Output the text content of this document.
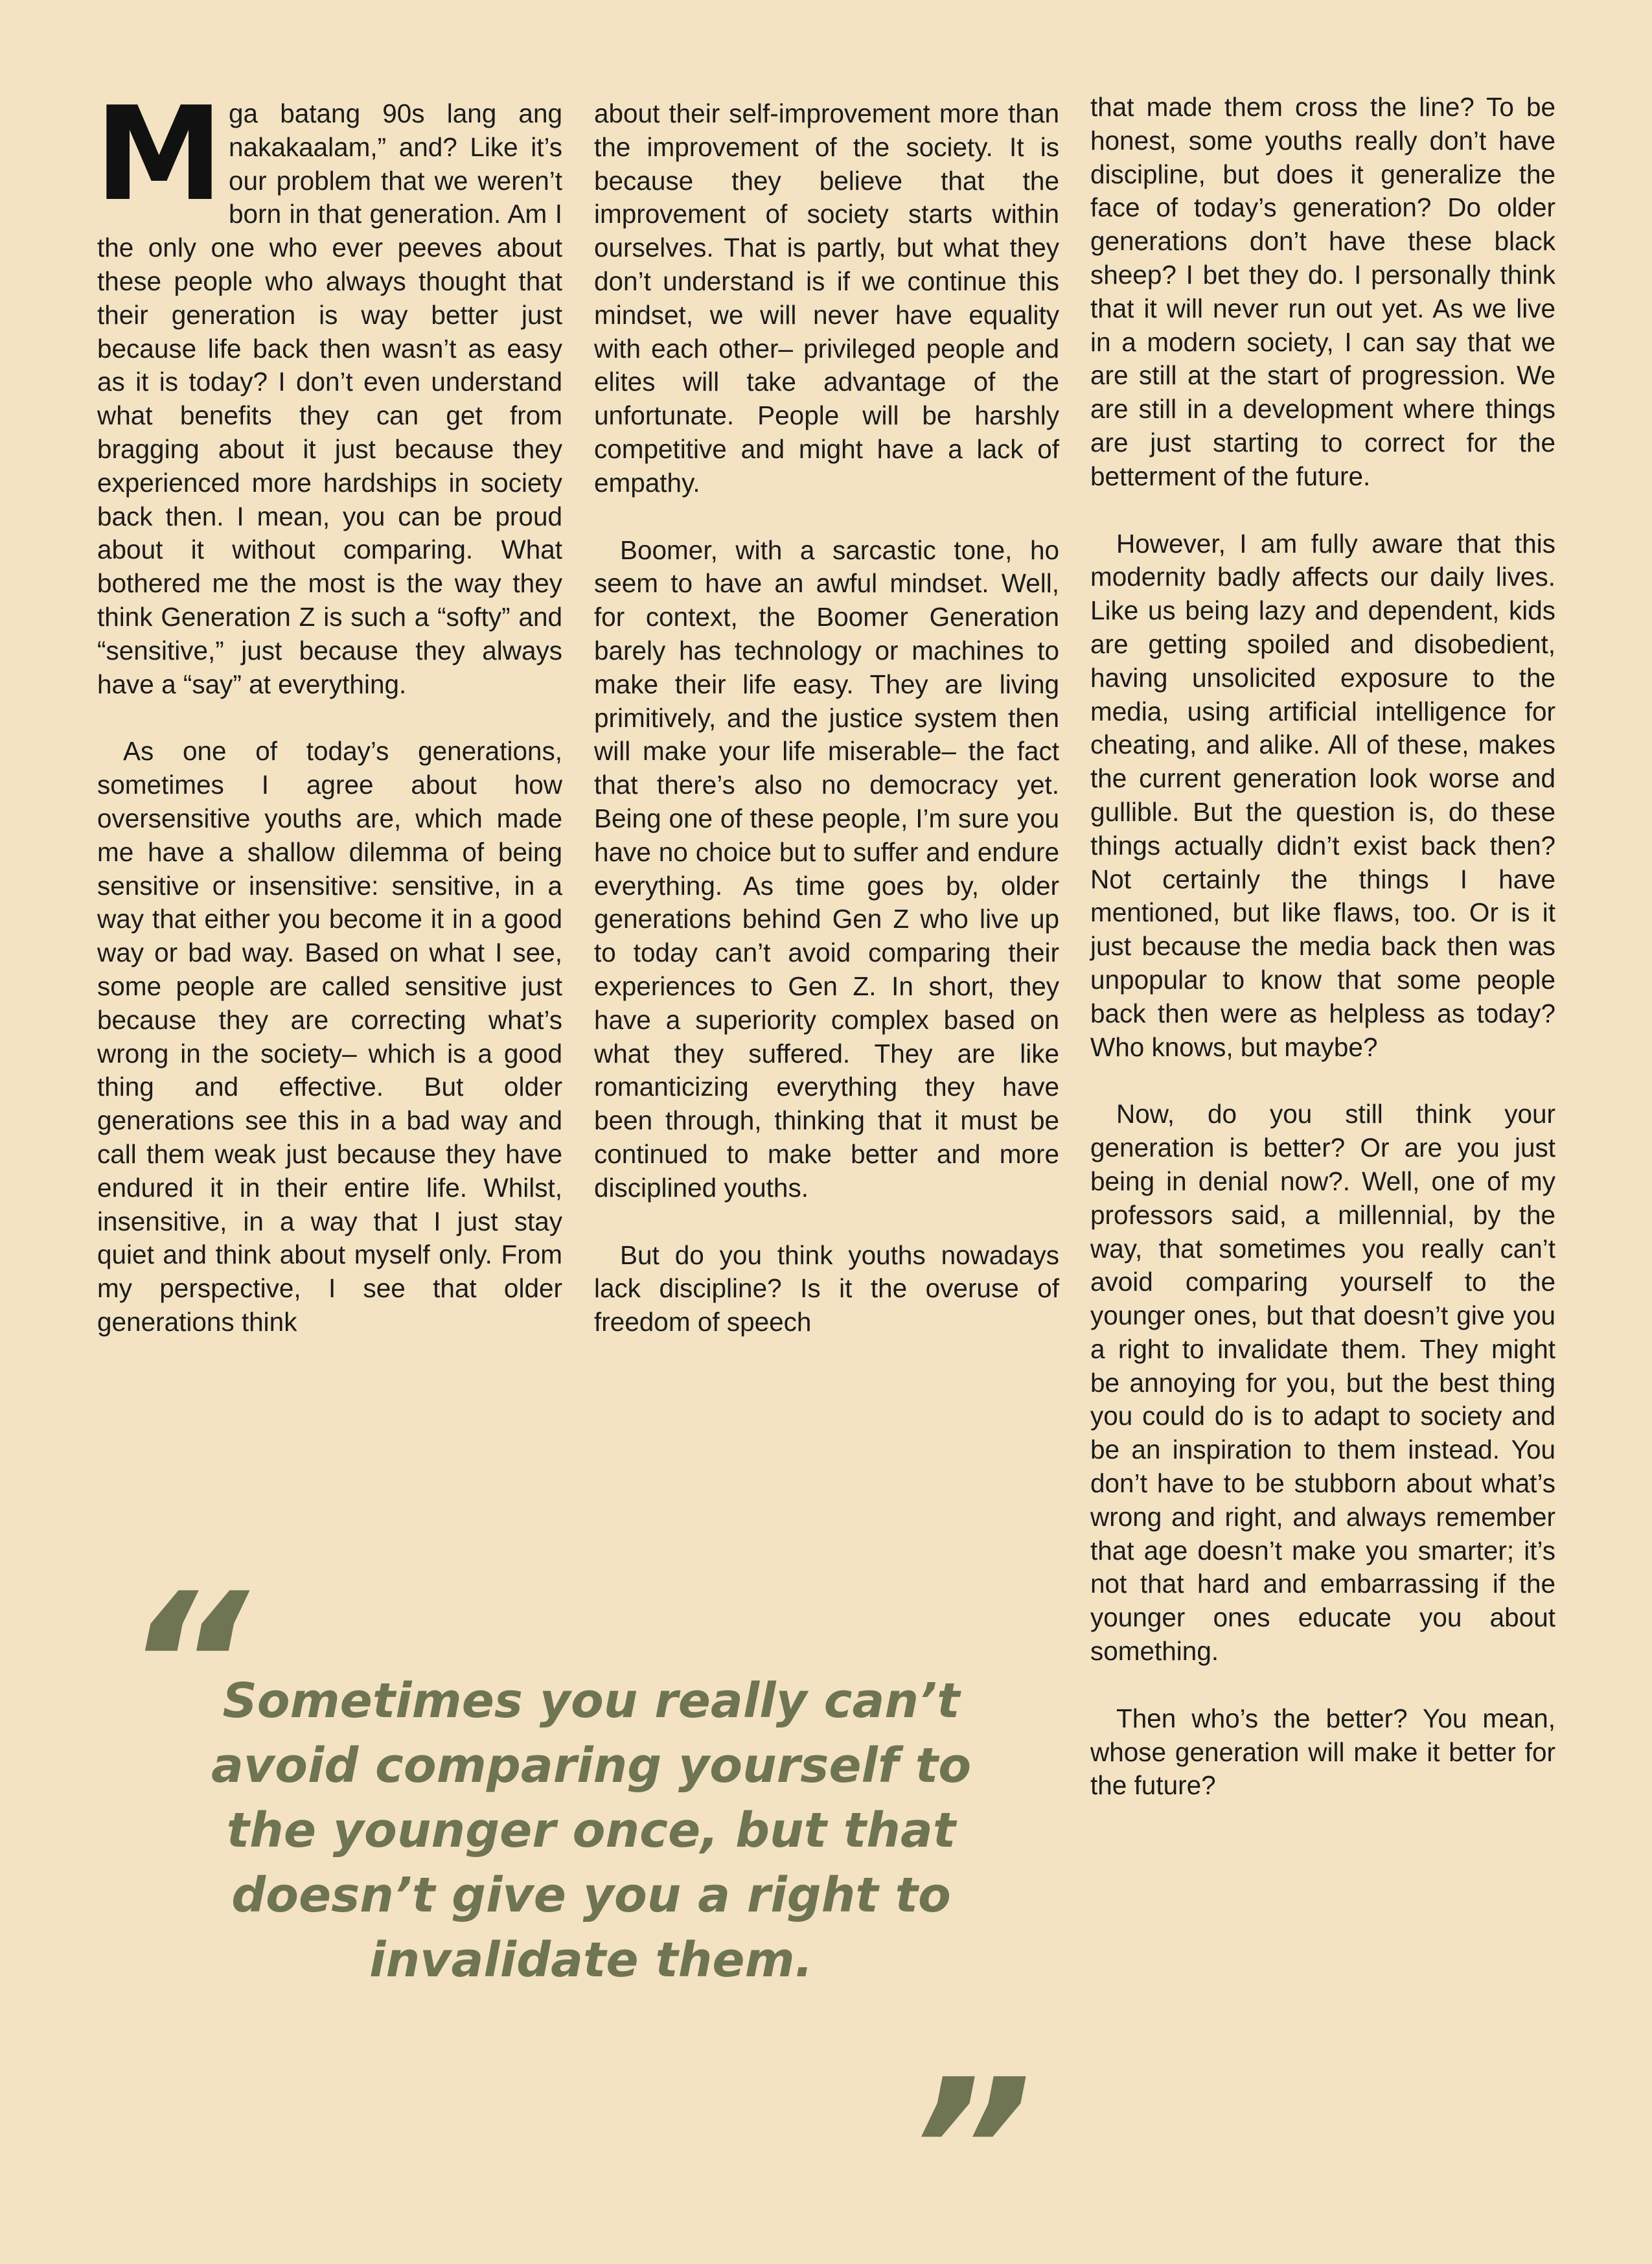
Mga batang 90s lang ang nakakaalam,” and? Like it’s our problem that we weren’t born in that generation. Am I the only one who ever peeves about these people who always thought that their generation is way better just because life back then wasn’t as easy as it is today? I don’t even understand what benefits they can get from bragging about it just because they experienced more hardships in society back then. I mean, you can be proud about it without comparing. What bothered me the most is the way they think Generation Z is such a “softy” and “sensitive,” just because they always have a “say” at everything.

As one of today’s generations, sometimes I agree about how oversensitive youths are, which made me have a shallow dilemma of being sensitive or insensitive: sensitive, in a way that either you become it in a good way or bad way. Based on what I see, some people are called sensitive just because they are correcting what’s wrong in the society– which is a good thing and effective. But older generations see this in a bad way and call them weak just because they have endured it in their entire life. Whilst, insensitive, in a way that I just stay quiet and think about myself only. From my perspective, I see that older generations think

about their self-improvement more than the improvement of the society. It is because they believe that the improvement of society starts within ourselves. That is partly, but what they don’t understand is if we continue this mindset, we will never have equality with each other– privileged people and elites will take advantage of the unfortunate. People will be harshly competitive and might have a lack of empathy.

Boomer, with a sarcastic tone, ho seem to have an awful mindset. Well, for context, the Boomer Generation barely has technology or machines to make their life easy. They are living primitively, and the justice system then will make your life miserable– the fact that there’s also no democracy yet. Being one of these people, I’m sure you have no choice but to suffer and endure everything. As time goes by, older generations behind Gen Z who live up to today can’t avoid comparing their experiences to Gen Z. In short, they have a superiority complex based on what they suffered. They are like romanticizing everything they have been through, thinking that it must be continued to make better and more disciplined youths.

But do you think youths nowadays lack discipline? Is it the overuse of freedom of speech

that made them cross the line? To be honest, some youths really don’t have discipline, but does it generalize the face of today’s generation? Do older generations don’t have these black sheep? I bet they do. I personally think that it will never run out yet. As we live in a modern society, I can say that we are still at the start of progression. We are still in a development where things are just starting to correct for the betterment of the future.

However, I am fully aware that this modernity badly affects our daily lives. Like us being lazy and dependent, kids are getting spoiled and disobedient, having unsolicited exposure to the media, using artificial intelligence for cheating, and alike. All of these, makes the current generation look worse and gullible. But the question is, do these things actually didn’t exist back then? Not certainly the things I have mentioned, but like flaws, too. Or is it just because the media back then was unpopular to know that some people back then were as helpless as today? Who knows, but maybe?

Now, do you still think your generation is better? Or are you just being in denial now?. Well, one of my professors said, a millennial, by the way, that sometimes you really can’t avoid comparing yourself to the younger ones, but that doesn’t give you a right to invalidate them. They might be annoying for you, but the best thing you could do is to adapt to society and be an inspiration to them instead. You don’t have to be stubborn about what’s wrong and right, and always remember that age doesn’t make you smarter; it’s not that hard and embarrassing if the younger ones educate you about something.

Then who’s the better? You mean, whose generation will make it better for the future?

“
Sometimes you really can’t avoid comparing yourself to the younger once, but that doesn’t give you a right to invalidate them.
”
